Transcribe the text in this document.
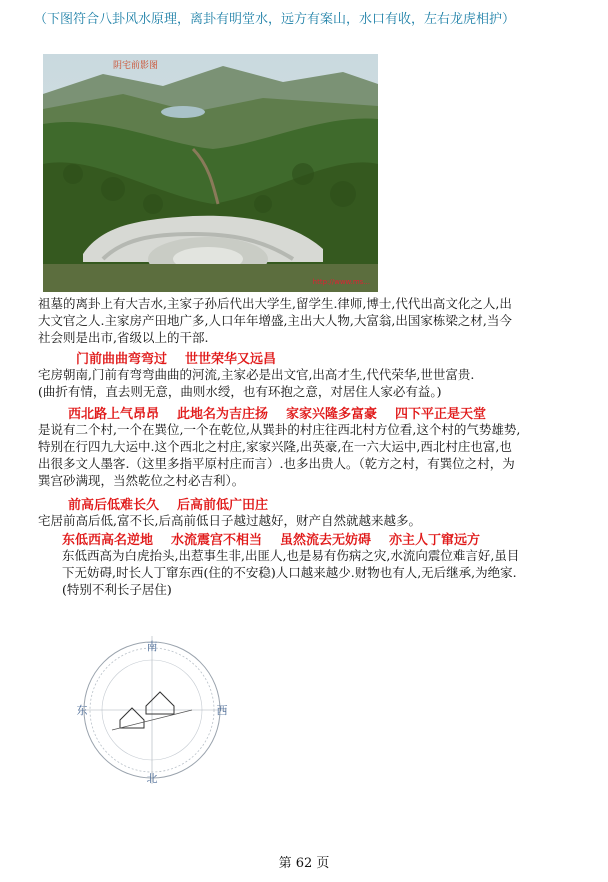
（下图符合八卦风水原理，离卦有明堂水，远方有案山，水口有收，左右龙虎相护）
阴宅前影图
http://www.ms...
祖墓的离卦上有大吉水,主家子孙后代出大学生,留学生.律师,博士,代代出高文化之人,出
大文官之人.主家房产田地广多,人口年年增盛,主出大人物,大富翁,出国家栋梁之材,当今
社会则是出市,省级以上的干部.
门前曲曲弯弯过 世世荣华又远昌
宅房朝南,门前有弯弯曲曲的河流,主家必是出文官,出高才生,代代荣华,世世富贵.
(曲折有情，直去则无意，曲则水绶，也有环抱之意，对居住人家必有益。)
西北路上气昂昂 此地名为吉庄扬 家家兴隆多富豪 四下平正是天堂
是说有二个村,一个在巽位,一个在乾位,从巽卦的村庄往西北村方位看,这个村的气势雄势,
特别在行四九大运中.这个西北之村庄,家家兴隆,出英豪,在一六大运中,西北村庄也富,也
出很多文人墨客.（这里多指平原村庄而言）.也多出贵人。（乾方之村，有巽位之村，为
巽宫砂满现，当然乾位之村必吉利）。
前高后低难长久 后高前低广田庄
宅居前高后低,富不长,后高前低日子越过越好，财产自然就越来越多。
东低西高名逆地 水流震宫不相当 虽然流去无妨碍 亦主人丁窜远方
东低西高为白虎抬头,出惹事生非,出匪人,也是易有伤病之灾,水流向震位难言好,虽目
下无妨碍,时长人丁窜东西(住的不安稳)人口越来越少.财物也有人,无后继承,为绝家.
(特别不利长子居住)
南
北
东	西
第 62 页
